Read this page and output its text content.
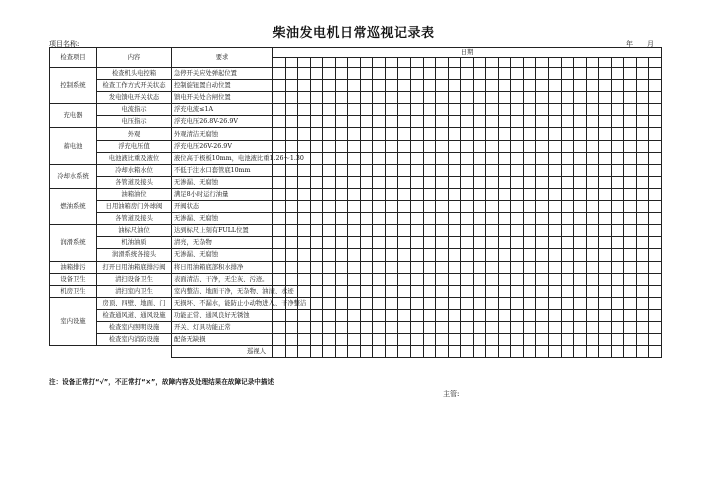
柴油发电机日常巡视记录表
项目名称:	年 月
检查项目	内容	要求	日期																														

控制系统	检查机头电控箱	急停开关应处弹起位置																															
	检查工作方式开关状态	控制旋钮置自动位置																															
	发电馈电开关状态	馈电开关处合闸位置																															
充电器	电流指示	浮充电流≤1A																															
	电压指示	浮充电压26.8V-26.9V																															
蓄电池	外观	外观清洁无腐蚀																															
	浮充电压值	浮充电压26V-26.9V																															
	电池液比重及液位	液位高于极板10mm，电池液比重1.26～1.30																															
冷却水系统	冷却水箱水位	不低于注水口套管底10mm																															
	各管道及接头	无渗漏、无腐蚀																															
燃油系统	油箱油位	满足8小时运行油量																															
	日用油箱房门外球阀	开阀状态																															
	各管道及接头	无渗漏、无腐蚀																															
润滑系统	油标尺油位	达到标尺上刻有FULL位置																															
	机油油质	清亮，无杂物																															
	润滑系统各接头	无渗漏、无腐蚀																															
油箱排污	打开日用油箱底排污阀	将日用油箱底部积水排净																															
设备卫生	清扫设备卫生	表面清洁、干净，无尘灰、污迹。																															
机房卫生	清扫室内卫生	室内整洁、地面干净，无杂物、油渍、水迹																															
室内设施	房顶、四壁、地面、门	无损坏、不漏水，能防止小动物进入、干净整洁																															
	检查通风道、通风设施	功能正常、通风良好无锈蚀																															
	检查室内照明设施	开关、灯具功能正常																															
	检查室内消防设施	配备无缺损																															
		巡视人																															
注：设备正常打“√”，不正常打“×”，故障内容及处理结果在故障记录中描述
主管:
